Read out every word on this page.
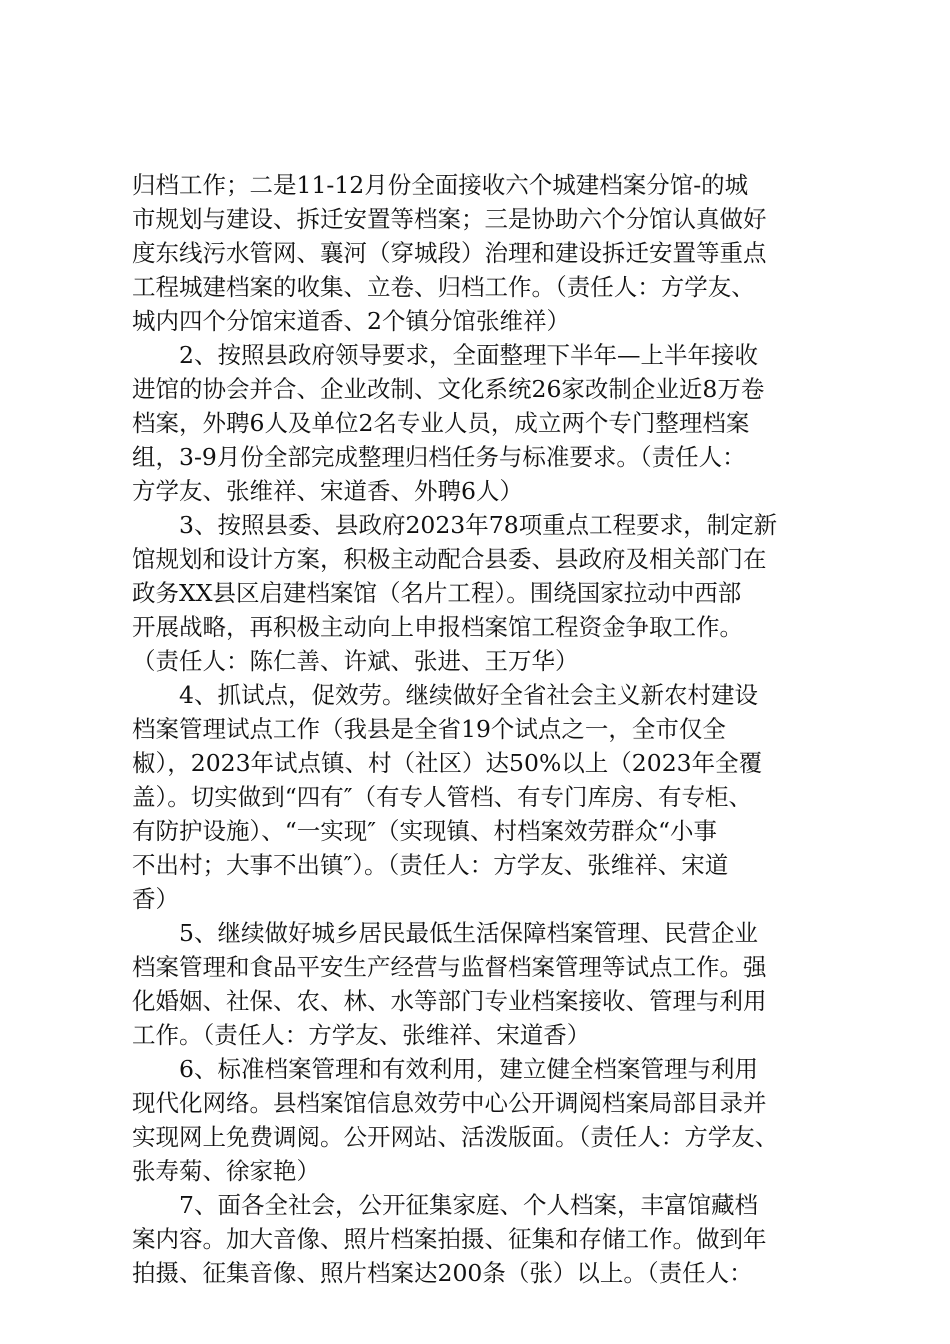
归档工作；二是11-12月份全面接收六个城建档案分馆-的城
市规划与建设、拆迁安置等档案；三是协助六个分馆认真做好
度东线污水管网、襄河（穿城段）治理和建设拆迁安置等重点
工程城建档案的收集、立卷、归档工作。（责任人：方学友、
城内四个分馆宋道香、2个镇分馆张维祥）
　　2、按照县政府领导要求，全面整理下半年—上半年接收
进馆的协会并合、企业改制、文化系统26家改制企业近8万卷
档案，外聘6人及单位2名专业人员，成立两个专门整理档案
组，3-9月份全部完成整理归档任务与标准要求。（责任人：
方学友、张维祥、宋道香、外聘6人）
　　3、按照县委、县政府2023年78项重点工程要求，制定新
馆规划和设计方案，积极主动配合县委、县政府及相关部门在
政务XX县区启建档案馆（名片工程）。围绕国家拉动中西部
开展战略，再积极主动向上申报档案馆工程资金争取工作。
（责任人：陈仁善、许斌、张进、王万华）
　　4、抓试点，促效劳。继续做好全省社会主义新农村建设
档案管理试点工作（我县是全省19个试点之一，全市仅全
椒），2023年试点镇、村（社区）达50%以上（2023年全覆
盖）。切实做到“四有″（有专人管档、有专门库房、有专柜、
有防护设施）、“一实现″（实现镇、村档案效劳群众“小事
不出村；大事不出镇″）。（责任人：方学友、张维祥、宋道
香）
　　5、继续做好城乡居民最低生活保障档案管理、民营企业
档案管理和食品平安生产经营与监督档案管理等试点工作。强
化婚姻、社保、农、林、水等部门专业档案接收、管理与利用
工作。（责任人：方学友、张维祥、宋道香）
　　6、标准档案管理和有效利用，建立健全档案管理与利用
现代化网络。县档案馆信息效劳中心公开调阅档案局部目录并
实现网上免费调阅。公开网站、活泼版面。（责任人：方学友、
张寿菊、徐家艳）
　　7、面各全社会，公开征集家庭、个人档案，丰富馆藏档
案内容。加大音像、照片档案拍摄、征集和存储工作。做到年
拍摄、征集音像、照片档案达200条（张）以上。（责任人：
